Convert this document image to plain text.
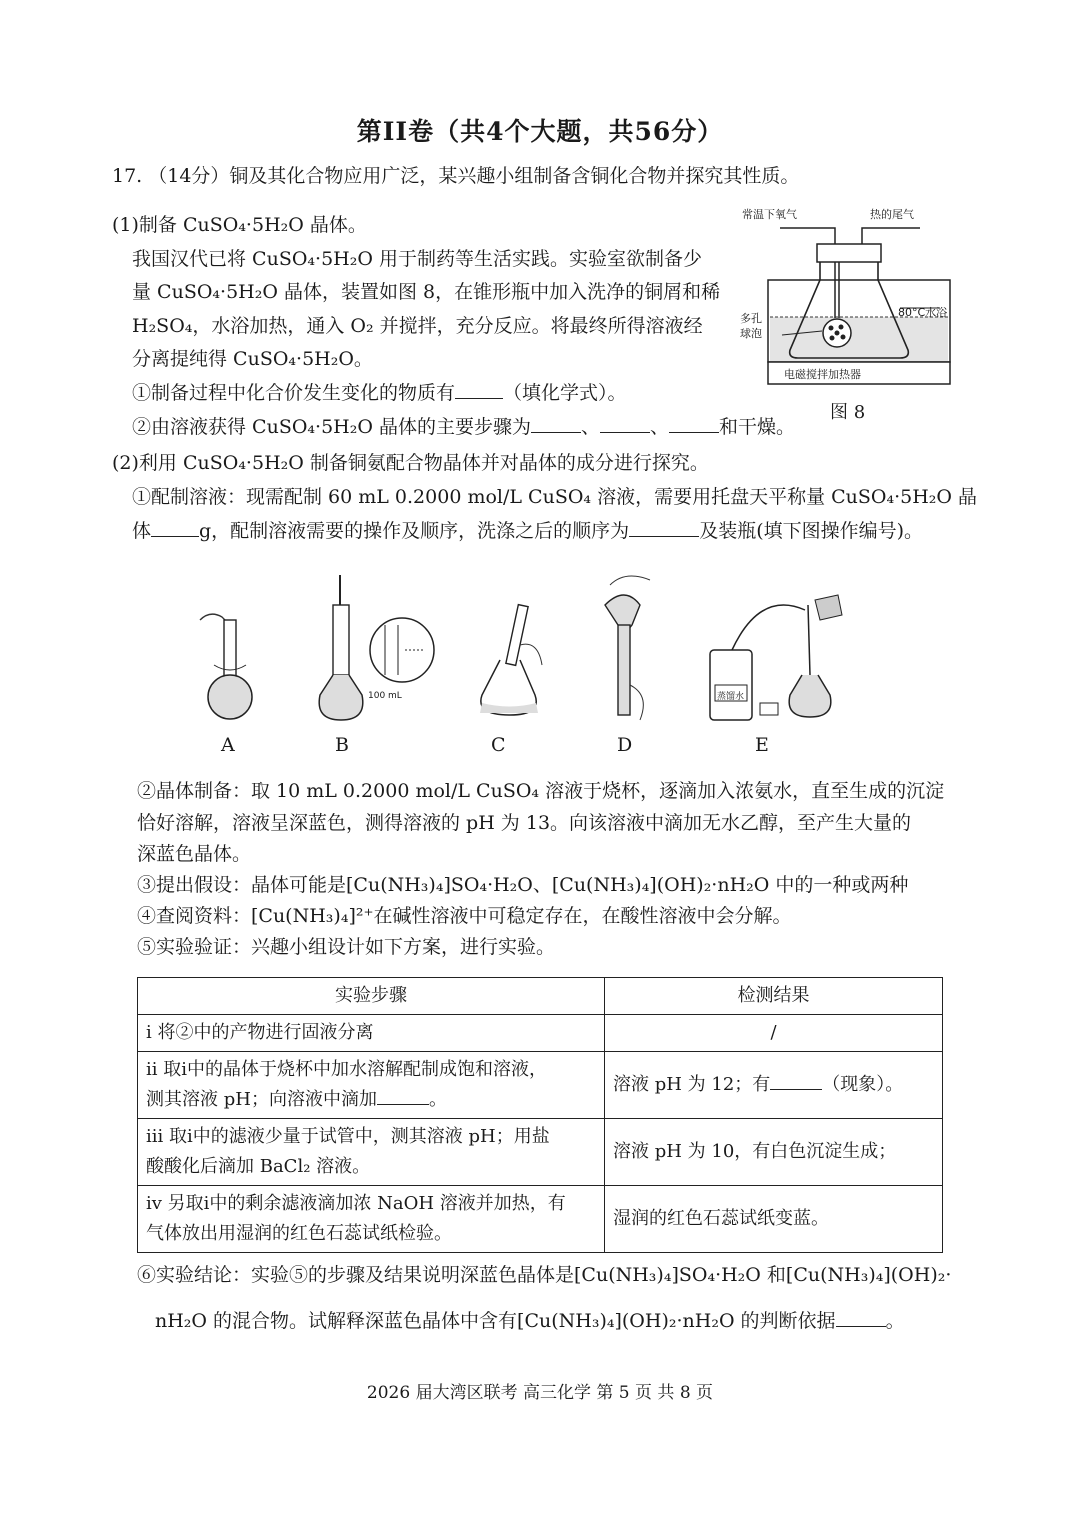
第II卷（共4个大题，共56分）
17. （14分）铜及其化合物应用广泛，某兴趣小组制备含铜化合物并探究其性质。
(1)制备 CuSO₄·5H₂O 晶体。
我国汉代已将 CuSO₄·5H₂O 用于制药等生活实践。实验室欲制备少
量 CuSO₄·5H₂O 晶体，装置如图 8，在锥形瓶中加入洗净的铜屑和稀
H₂SO₄，水浴加热，通入 O₂ 并搅拌，充分反应。将最终所得溶液经
分离提纯得 CuSO₄·5H₂O。
①制备过程中化合价发生变化的物质有	（填化学式）。
②由溶液获得 CuSO₄·5H₂O 晶体的主要步骤为	、	、	和干燥。
常温下氧气	热的尾气
多孔
球泡
80°C水浴
电磁搅拌加热器
图 8
(2)利用 CuSO₄·5H₂O 制备铜氨配合物晶体并对晶体的成分进行探究。
①配制溶液：现需配制 60 mL 0.2000 mol/L CuSO₄ 溶液，需要用托盘天平称量 CuSO₄·5H₂O 晶
体	g，配制溶液需要的操作及顺序，洗涤之后的顺序为	及装瓶(填下图操作编号)。
100 mL	蒸馏水
A	B	C	D	E
②晶体制备：取 10 mL 0.2000 mol/L CuSO₄ 溶液于烧杯，逐滴加入浓氨水，直至生成的沉淀
恰好溶解，溶液呈深蓝色，测得溶液的 pH 为 13。向该溶液中滴加无水乙醇，至产生大量的
深蓝色晶体。
③提出假设：晶体可能是[Cu(NH₃)₄]SO₄·H₂O、[Cu(NH₃)₄](OH)₂·nH₂O 中的一种或两种
④查阅资料：[Cu(NH₃)₄]²⁺在碱性溶液中可稳定存在，在酸性溶液中会分解。
⑤实验验证：兴趣小组设计如下方案，进行实验。
实验步骤	检测结果
i 将②中的产物进行固液分离	/

ii 取i中的晶体于烧杯中加水溶解配制成饱和溶液，
测其溶液 pH；向溶液中滴加 。	溶液 pH 为 12；有 （现象）。

iii 取i中的滤液少量于试管中，测其溶液 pH；用盐
酸酸化后滴加 BaCl₂ 溶液。	溶液 pH 为 10，有白色沉淀生成；

iv 另取i中的剩余滤液滴加浓 NaOH 溶液并加热，有
气体放出用湿润的红色石蕊试纸检验。	湿润的红色石蕊试纸变蓝。
⑥实验结论：实验⑤的步骤及结果说明深蓝色晶体是[Cu(NH₃)₄]SO₄·H₂O 和[Cu(NH₃)₄](OH)₂·
nH₂O 的混合物。试解释深蓝色晶体中含有[Cu(NH₃)₄](OH)₂·nH₂O 的判断依据	。
2026 届大湾区联考 高三化学 第 5 页 共 8 页
